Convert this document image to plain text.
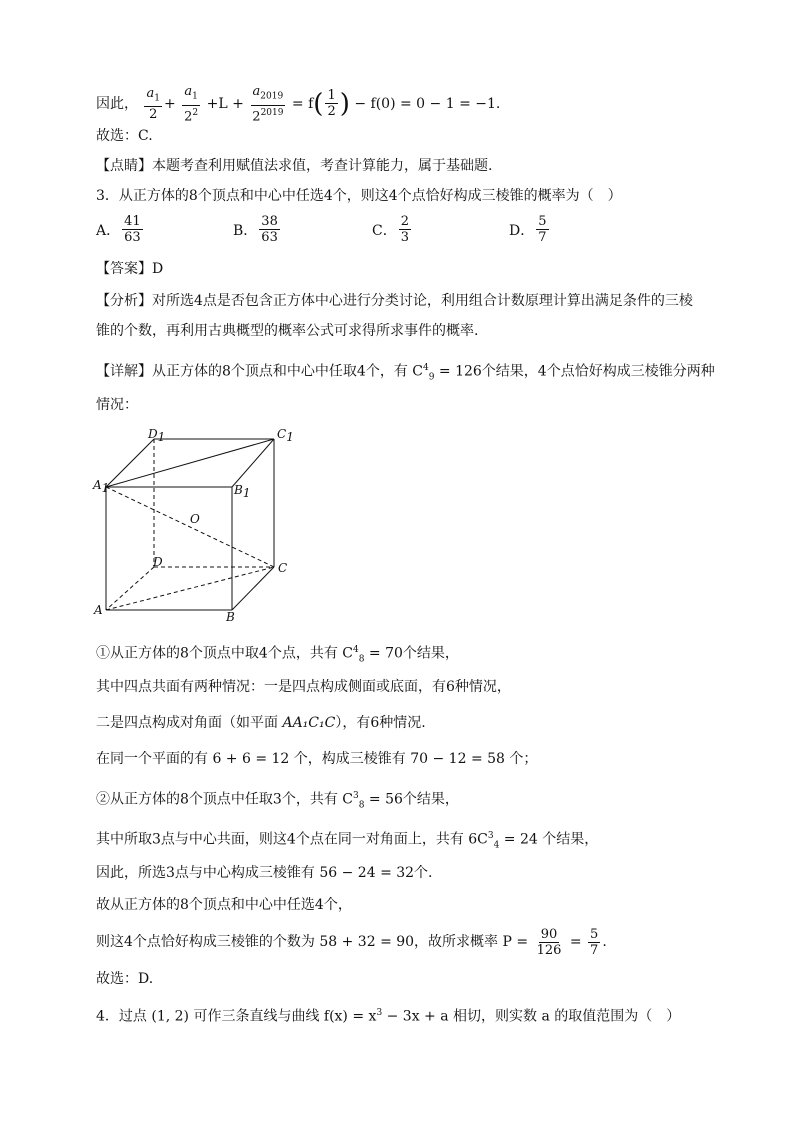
因此， $\frac{a_1}{2} + \frac{a_1}{2^2} +L + \frac{a_{2019}}{2^{2019}} = f( \frac{1}{2}$ ) − f(0) = 0 − 1 = −1.
故选：C.
【点睛】本题考查利用赋值法求值，考查计算能力，属于基础题.
3．从正方体的8个顶点和中心中任选4个，则这4个点恰好构成三棱锥的概率为（　）
A． $\frac{41}{63}$	B． $\frac{38}{63}$	C． $\frac{2}{3}$	D． $\frac{5}{7}$
【答案】D
【分析】对所选4点是否包含正方体中心进行分类讨论，利用组合计数原理计算出满足条件的三棱
锥的个数，再利用古典概型的概率公式可求得所求事件的概率.
【详解】从正方体的8个顶点和中心中任取4个，有 $C^4_9 = 126$个结果，4个点恰好构成三棱锥分两种
情况：
D1	C1
A1	B1
O
D	C
A	B
①从正方体的8个顶点中取4个点，共有 $C^4_8 = 70$个结果，
其中四点共面有两种情况：一是四点构成侧面或底面，有6种情况，
二是四点构成对角面（如平面 AA₁C₁C），有6种情况.
在同一个平面的有 6 + 6 = 12 个，构成三棱锥有 70 − 12 = 58 个；
②从正方体的8个顶点中任取3个，共有 $C^3_8 = 56$个结果，
其中所取3点与中心共面，则这4个点在同一对角面上，共有 $6C^3_4 = 24$ 个结果，
因此，所选3点与中心构成三棱锥有 56 − 24 = 32个.
故从正方体的8个顶点和中心中任选4个，
则这4个点恰好构成三棱锥的个数为 58 + 32 = 90，故所求概率 $P = \frac{90}{126} = \frac{5}{7}$ .
故选：D.
4．过点 (1, 2) 可作三条直线与曲线 $f(x) = x^3 - 3x + a$ 相切，则实数 a 的取值范围为（　）
